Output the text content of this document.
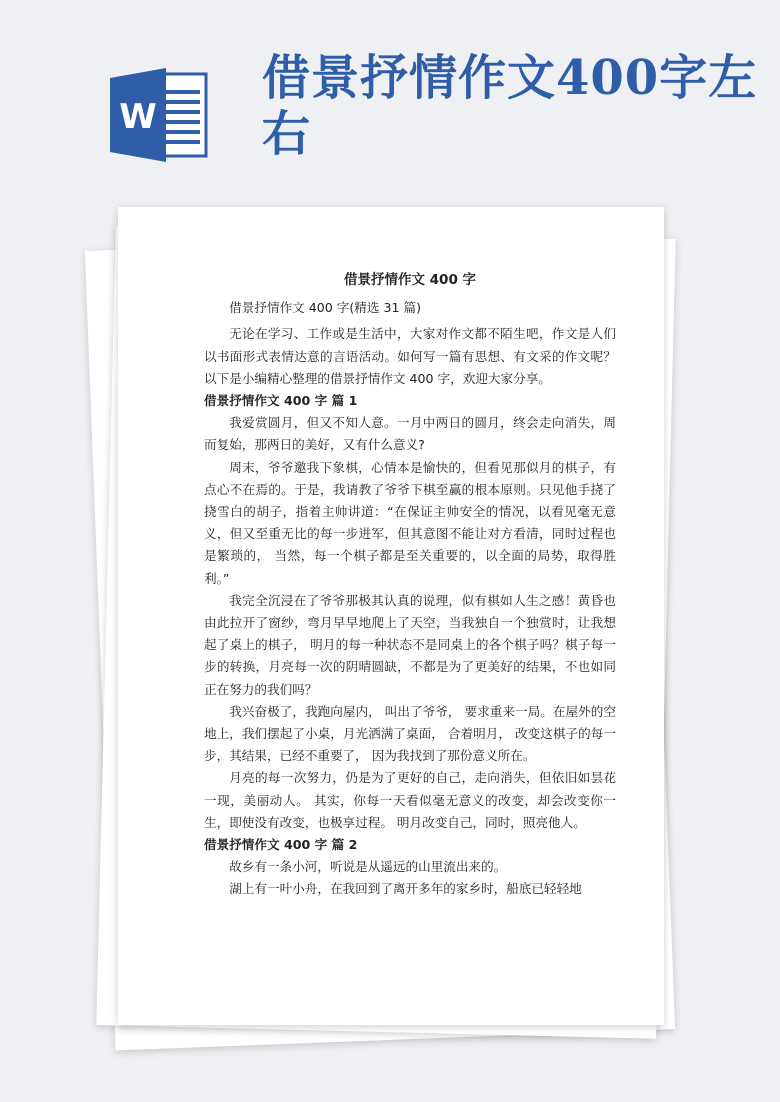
W
借景抒情作文400字左右
借景抒情作文 400 字
借景抒情作文 400 字(精选 31 篇)
无论在学习、工作或是生活中，大家对作文都不陌生吧，作文是人们以书面形式表情达意的言语活动。如何写一篇有思想、有文采的作文呢？以下是小编精心整理的借景抒情作文 400 字，欢迎大家分享。
借景抒情作文 400 字 篇 1
我爱赏圆月，但又不知人意。一月中两日的圆月，终会走向消失，周而复始，那两日的美好，又有什么意义?
周末，爷爷邀我下象棋，心情本是愉快的，但看见那似月的棋子，有点心不在焉的。于是，我请教了爷爷下棋至赢的根本原则。只见他手挠了挠雪白的胡子，指着主帅讲道：“在保证主帅安全的情况，以看见毫无意义，但又至重无比的每一步进军，但其意图不能让对方看清，同时过程也是繁琐的， 当然，每一个棋子都是至关重要的，以全面的局势，取得胜利。”
我完全沉浸在了爷爷那极其认真的说理，似有棋如人生之感！黄昏也由此拉开了窗纱，弯月早早地爬上了天空，当我独自一个独赏时，让我想起了桌上的棋子， 明月的每一种状态不是同桌上的各个棋子吗？棋子每一步的转换，月亮每一次的阴晴圆缺，不都是为了更美好的结果，不也如同正在努力的我们吗？
我兴奋极了，我跑向屋内， 叫出了爷爷， 要求重来一局。在屋外的空地上，我们摆起了小桌，月光洒满了桌面， 合着明月， 改变这棋子的每一步，其结果，已经不重要了， 因为我找到了那份意义所在。
月亮的每一次努力，仍是为了更好的自己，走向消失，但依旧如昙花一现，美丽动人。 其实，你每一天看似毫无意义的改变，却会改变你一生，即使没有改变，也极享过程。 明月改变自己，同时，照亮他人。
借景抒情作文 400 字 篇 2
故乡有一条小河，听说是从遥远的山里流出来的。
湖上有一叶小舟，在我回到了离开多年的家乡时，船底已轻轻地
